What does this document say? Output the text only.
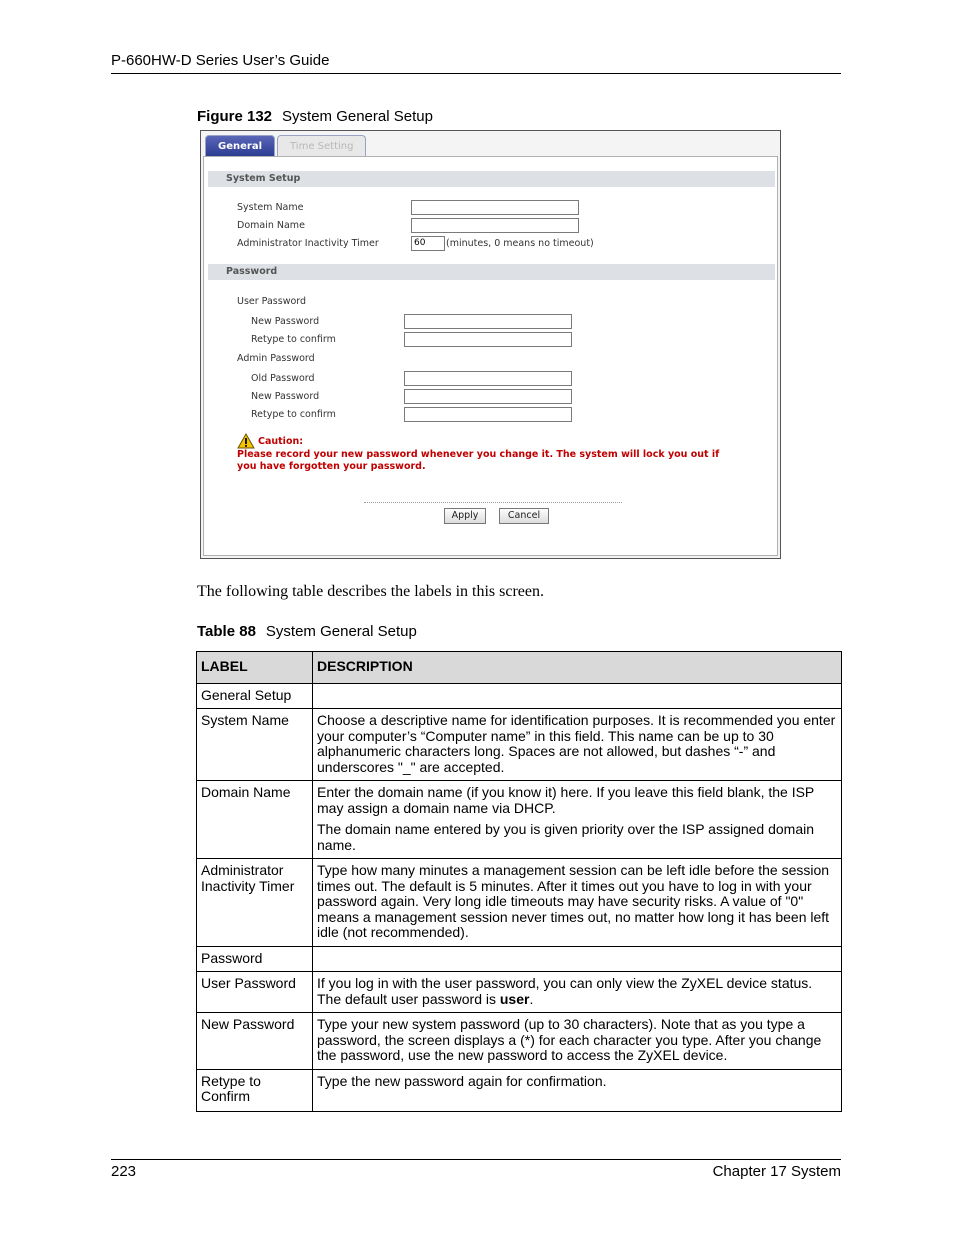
P-660HW-D Series User’s Guide
Figure 132 System General Setup
General	Time Setting
System Setup
System Name
Domain Name
Administrator Inactivity Timer	60	(minutes, 0 means no timeout)
Password
User Password
New Password
Retype to confirm
Admin Password
Old Password
New Password
Retype to confirm
Caution:
Please record your new password whenever you change it. The system will lock you out if
you have forgotten your password.
Apply	Cancel
The following table describes the labels in this screen.
Table 88 System General Setup
LABEL	DESCRIPTION
General Setup	

System Name	Choose a descriptive name for identification purposes. It is recommended you enter your computer’s “Computer name” in this field. This name can be up to 30 alphanumeric characters long. Spaces are not allowed, but dashes “-” and underscores "_" are accepted.

Domain Name	Enter the domain name (if you know it) here. If you leave this field blank, the ISP may assign a domain name via DHCP.

The domain name entered by you is given priority over the ISP assigned domain name.

Administrator Inactivity Timer	Type how many minutes a management session can be left idle before the session times out. The default is 5 minutes. After it times out you have to log in with your password again. Very long idle timeouts may have security risks. A value of "0" means a management session never times out, no matter how long it has been left idle (not recommended).

Password	

User Password	If you log in with the user password, you can only view the ZyXEL device status. The default user password is user.

New Password	Type your new system password (up to 30 characters). Note that as you type a password, the screen displays a (*) for each character you type. After you change the password, use the new password to access the ZyXEL device.

Retype to Confirm	Type the new password again for confirmation.

223	Chapter 17 System
